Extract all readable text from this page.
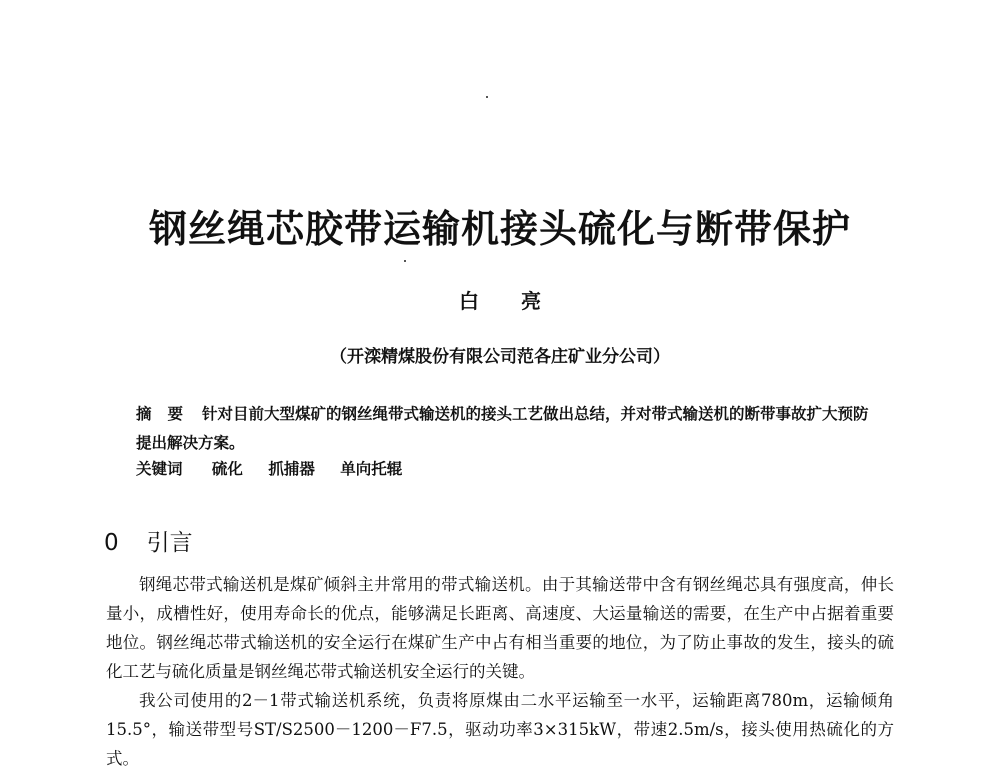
钢丝绳芯胶带运输机接头硫化与断带保护
白亮
（开滦精煤股份有限公司范各庄矿业分公司）
摘要 针对目前大型煤矿的钢丝绳带式输送机的接头工艺做出总结，并对带式输送机的断带事故扩大预防提出解决方案。
关键词 硫化 抓捕器 单向托辊
0 引言

钢绳芯带式输送机是煤矿倾斜主井常用的带式输送机。由于其输送带中含有钢丝绳芯具有强度高，伸长量小，成槽性好，使用寿命长的优点，能够满足长距离、高速度、大运量输送的需要，在生产中占据着重要地位。钢丝绳芯带式输送机的安全运行在煤矿生产中占有相当重要的地位，为了防止事故的发生，接头的硫化工艺与硫化质量是钢丝绳芯带式输送机安全运行的关键。

我公司使用的2－1带式输送机系统，负责将原煤由二水平运输至一水平，运输距离780m，运输倾角15.5°，输送带型号ST/S2500－1200－F7.5，驱动功率3×315kW，带速2.5m/s，接头使用热硫化的方式。
